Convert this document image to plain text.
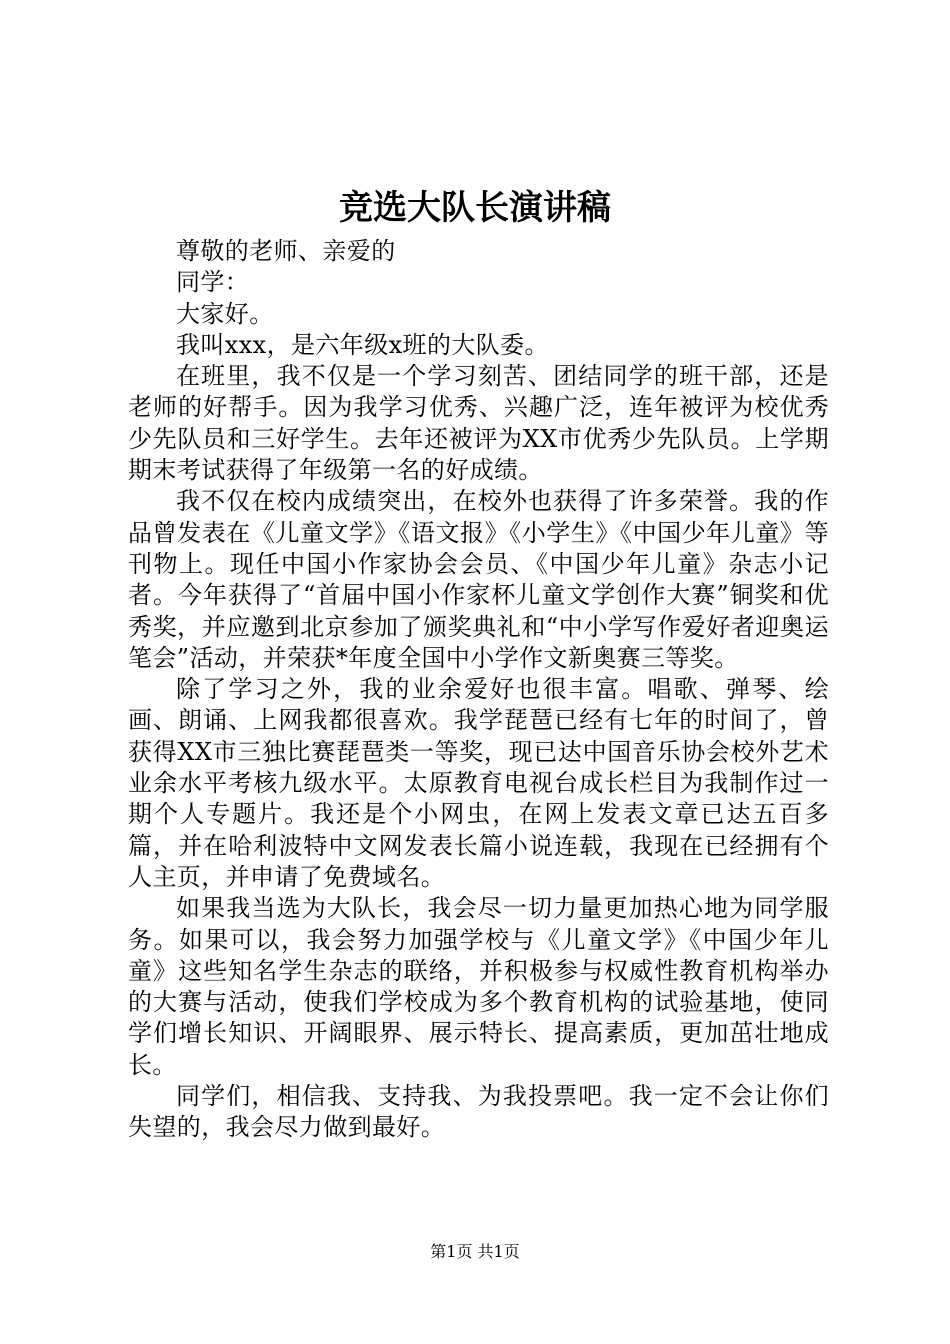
竞选大队长演讲稿

尊敬的老师、亲爱的

同学：

大家好。

我叫xxx，是六年级x班的大队委。

在班里，我不仅是一个学习刻苦、团结同学的班干部，还是老师的好帮手。因为我学习优秀、兴趣广泛，连年被评为校优秀少先队员和三好学生。去年还被评为XX市优秀少先队员。上学期期末考试获得了年级第一名的好成绩。

我不仅在校内成绩突出，在校外也获得了许多荣誉。我的作品曾发表在《儿童文学》《语文报》《小学生》《中国少年儿童》等刊物上。现任中国小作家协会会员、《中国少年儿童》杂志小记者。今年获得了“首届中国小作家杯儿童文学创作大赛”铜奖和优秀奖，并应邀到北京参加了颁奖典礼和“中小学写作爱好者迎奥运笔会”活动，并荣获*年度全国中小学作文新奥赛三等奖。

除了学习之外，我的业余爱好也很丰富。唱歌、弹琴、绘画、朗诵、上网我都很喜欢。我学琵琶已经有七年的时间了，曾获得XX市三独比赛琵琶类一等奖，现已达中国音乐协会校外艺术业余水平考核九级水平。太原教育电视台成长栏目为我制作过一期个人专题片。我还是个小网虫，在网上发表文章已达五百多篇，并在哈利波特中文网发表长篇小说连载，我现在已经拥有个人主页，并申请了免费域名。

如果我当选为大队长，我会尽一切力量更加热心地为同学服务。如果可以，我会努力加强学校与《儿童文学》《中国少年儿童》这些知名学生杂志的联络，并积极参与权威性教育机构举办的大赛与活动，使我们学校成为多个教育机构的试验基地，使同学们增长知识、开阔眼界、展示特长、提高素质，更加茁壮地成长。

同学们，相信我、支持我、为我投票吧。我一定不会让你们失望的，我会尽力做到最好。

第1页 共1页
